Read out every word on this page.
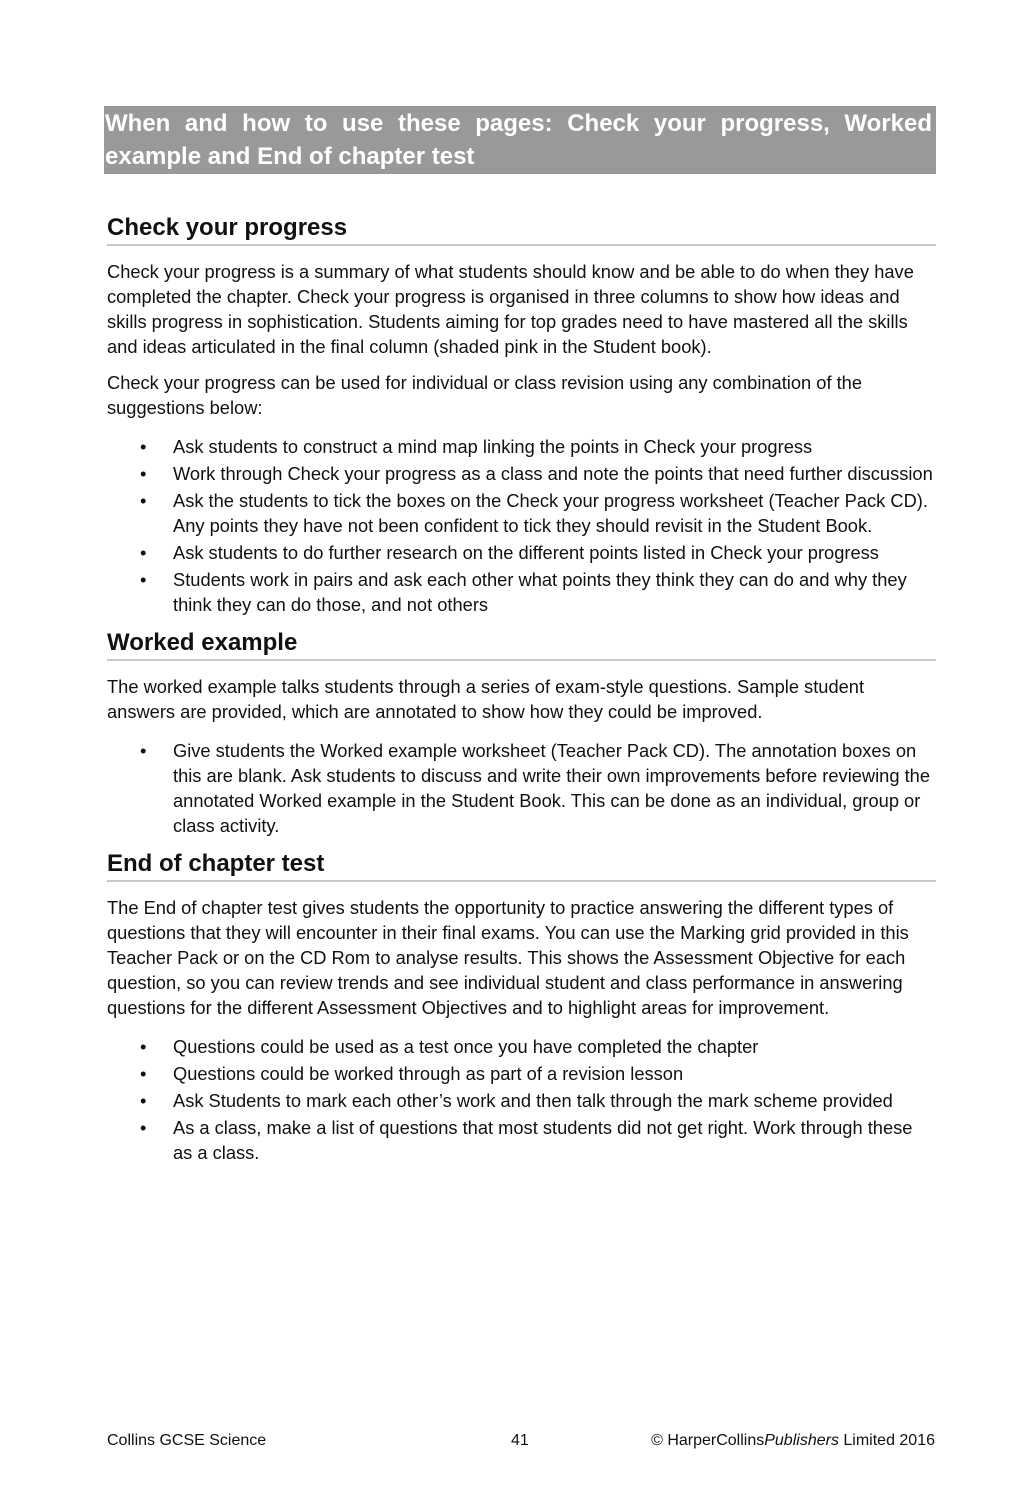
When and how to use these pages: Check your progress, Worked example and End of chapter test
Check your progress

Check your progress is a summary of what students should know and be able to do when they have completed the chapter. Check your progress is organised in three columns to show how ideas and skills progress in sophistication. Students aiming for top grades need to have mastered all the skills and ideas articulated in the final column (shaded pink in the Student book).

Check your progress can be used for individual or class revision using any combination of the suggestions below:

• Ask students to construct a mind map linking the points in Check your progress
• Work through Check your progress as a class and note the points that need further discussion
• Ask the students to tick the boxes on the Check your progress worksheet (Teacher Pack CD). Any points they have not been confident to tick they should revisit in the Student Book.
• Ask students to do further research on the different points listed in Check your progress
• Students work in pairs and ask each other what points they think they can do and why they think they can do those, and not others
Worked example

The worked example talks students through a series of exam-style questions. Sample student answers are provided, which are annotated to show how they could be improved.

• Give students the Worked example worksheet (Teacher Pack CD). The annotation boxes on this are blank. Ask students to discuss and write their own improvements before reviewing the annotated Worked example in the Student Book. This can be done as an individual, group or class activity.
End of chapter test

The End of chapter test gives students the opportunity to practice answering the different types of questions that they will encounter in their final exams. You can use the Marking grid provided in this Teacher Pack or on the CD Rom to analyse results. This shows the Assessment Objective for each question, so you can review trends and see individual student and class performance in answering questions for the different Assessment Objectives and to highlight areas for improvement.

• Questions could be used as a test once you have completed the chapter
• Questions could be worked through as part of a revision lesson
• Ask Students to mark each other’s work and then talk through the mark scheme provided
• As a class, make a list of questions that most students did not get right. Work through these as a class.
Collins GCSE Science	41	© HarperCollinsPublishers Limited 2016
